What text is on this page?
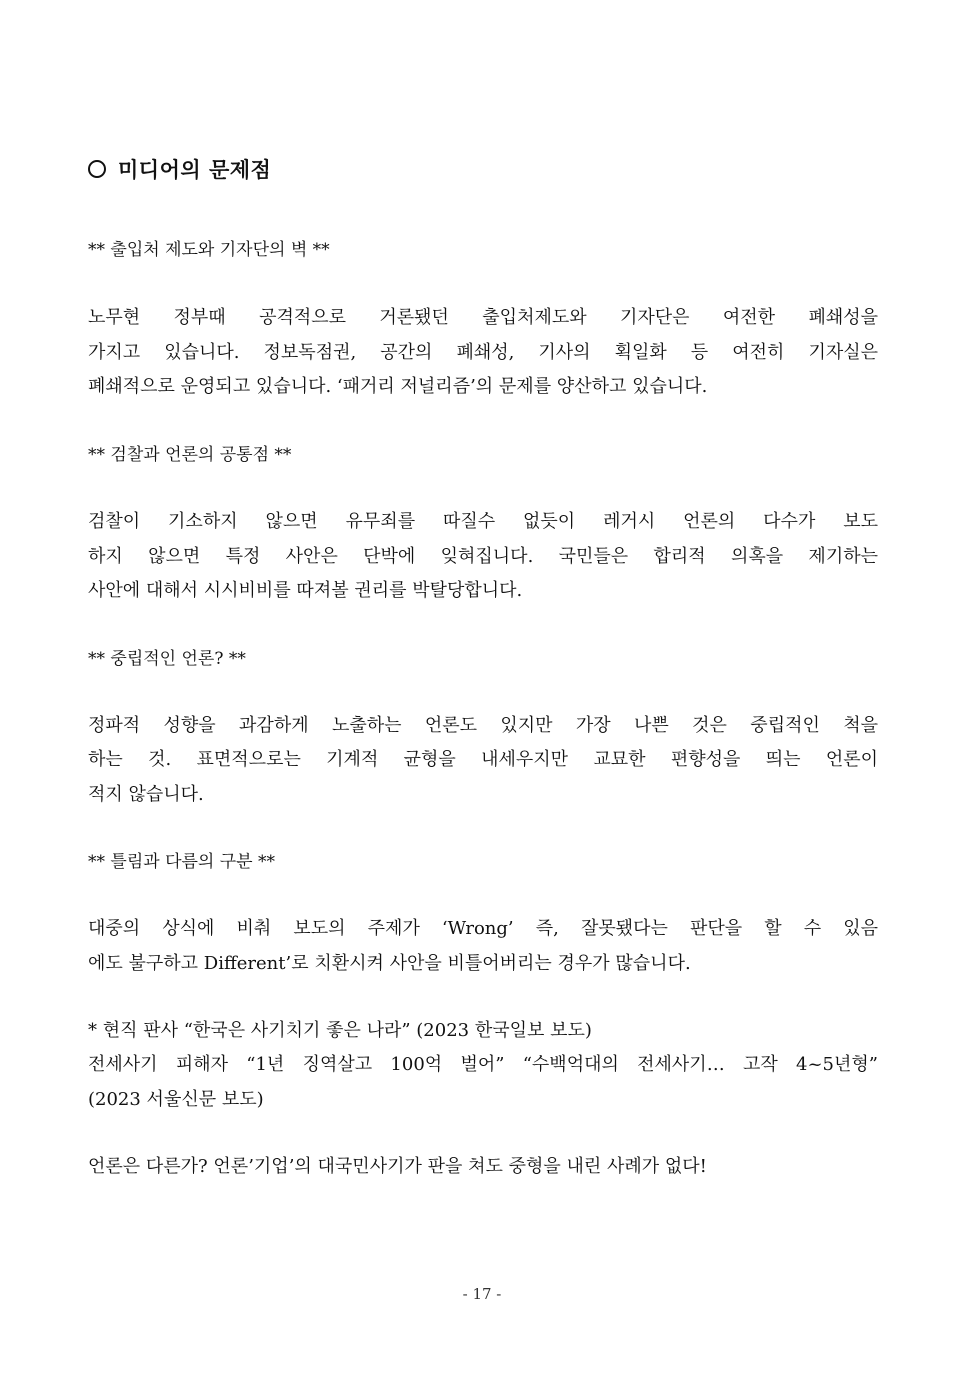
미디어의 문제점
** 출입처 제도와 기자단의 벽 **
노무현 정부때 공격적으로 거론됐던 출입처제도와 기자단은 여전한 폐쇄성을
가지고 있습니다. 정보독점권, 공간의 폐쇄성, 기사의 획일화 등 여전히 기자실은
폐쇄적으로 운영되고 있습니다. ‘패거리 저널리즘’의 문제를 양산하고 있습니다.
** 검찰과 언론의 공통점 **
검찰이 기소하지 않으면 유무죄를 따질수 없듯이 레거시 언론의 다수가 보도
하지 않으면 특정 사안은 단박에 잊혀집니다. 국민들은 합리적 의혹을 제기하는
사안에 대해서 시시비비를 따져볼 권리를 박탈당합니다.
** 중립적인 언론? **
정파적 성향을 과감하게 노출하는 언론도 있지만 가장 나쁜 것은 중립적인 척을
하는 것. 표면적으로는 기계적 균형을 내세우지만 교묘한 편향성을 띄는 언론이
적지 않습니다.
** 틀림과 다름의 구분 **
대중의 상식에 비춰 보도의 주제가 ‘Wrong’ 즉, 잘못됐다는 판단을 할 수 있음
에도 불구하고 Different’로 치환시켜 사안을 비틀어버리는 경우가 많습니다.
* 현직 판사 “한국은 사기치기 좋은 나라” (2023 한국일보 보도)
전세사기 피해자 “1년 징역살고 100억 벌어” “수백억대의 전세사기… 고작 4~5년형”
(2023 서울신문 보도)
언론은 다른가? 언론’기업’의 대국민사기가 판을 쳐도 중형을 내린 사례가 없다!
- 17 -
